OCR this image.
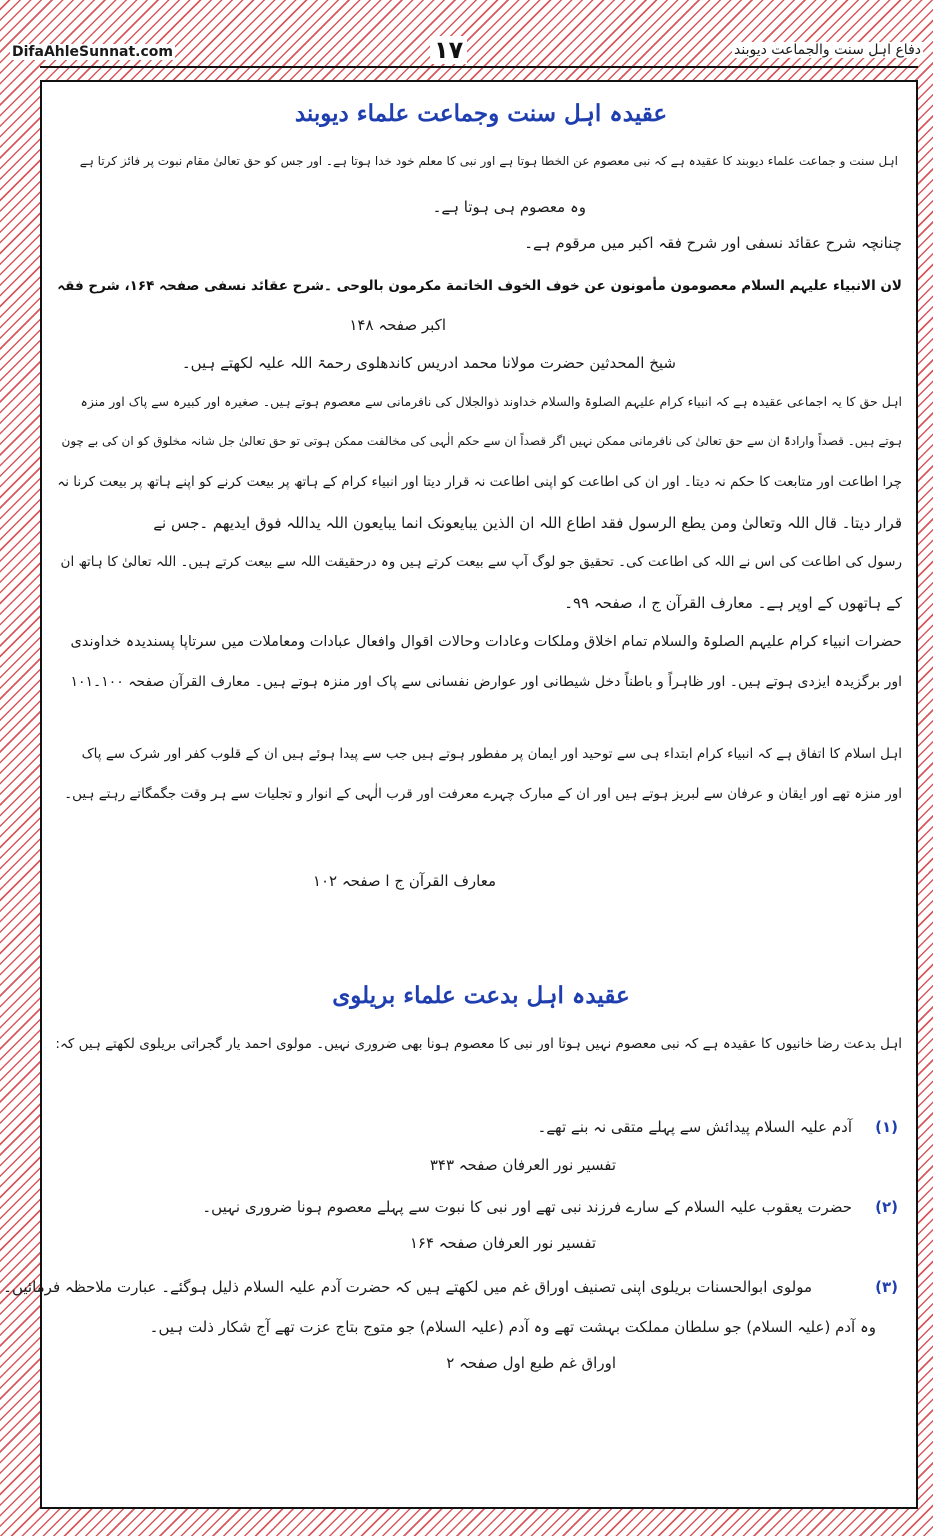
DifaAhleSunnat.com	۱۷	دفاع اہل سنت والجماعت دیوبند
عقیدہ اہل سنت وجماعت علماء دیوبند
اہل سنت و جماعت علماء دیوبند کا عقیدہ ہے کہ نبی معصوم عن الخطا ہوتا ہے اور نبی کا معلم خود خدا ہوتا ہے۔ اور جس کو حق تعالیٰ مقام نبوت پر فائز کرتا ہے
وہ معصوم ہی ہوتا ہے۔
چنانچہ شرح عقائد نسفی اور شرح فقہ اکبر میں مرقوم ہے۔
لان الانبیاء علیہم السلام معصومون مأمونون عن خوف الخوف الخاتمة مکرمون بالوحی ۔شرح عقائد نسفی صفحہ ۱۶۴، شرح فقہ
اکبر صفحہ ۱۴۸
شیخ المحدثین حضرت مولانا محمد ادریس کاندھلوی رحمۃ اللہ علیہ لکھتے ہیں۔
اہل حق کا یہ اجماعی عقیدہ ہے کہ انبیاء کرام علیہم الصلوۃ والسلام خداوند ذوالجلال کی نافرمانی سے معصوم ہوتے ہیں۔ صغیرہ اور کبیرہ سے پاک اور منزہ
ہوتے ہیں۔ قصداً وارادۃً ان سے حق تعالیٰ کی نافرمانی ممکن نہیں اگر قصداً ان سے حکم الٰہی کی مخالفت ممکن ہوتی تو حق تعالیٰ جل شانہ مخلوق کو ان کی بے چون
چرا اطاعت اور متابعت کا حکم نہ دیتا۔ اور ان کی اطاعت کو اپنی اطاعت نہ قرار دیتا اور انبیاء کرام کے ہاتھ پر بیعت کرنے کو اپنے ہاتھ پر بیعت کرنا نہ
قرار دیتا۔ قال اللہ وتعالیٰ ومن یطع الرسول فقد اطاع اللہ ان الذین یبایعونک انما یبایعون اللہ یداللہ فوق ایدیھم ۔جس نے
رسول کی اطاعت کی اس نے اللہ کی اطاعت کی۔ تحقیق جو لوگ آپ سے بیعت کرتے ہیں وہ درحقیقت اللہ سے بیعت کرتے ہیں۔ اللہ تعالیٰ کا ہاتھ ان
کے ہاتھوں کے اوپر ہے۔ معارف القرآن ج ا، صفحہ ۹۹۔
حضرات انبیاء کرام علیہم الصلوۃ والسلام تمام اخلاق وملکات وعادات وحالات اقوال وافعال عبادات ومعاملات میں سرتاپا پسندیدہ خداوندی
اور برگزیدہ ایزدی ہوتے ہیں۔ اور ظاہراً و باطناً دخل شیطانی اور عوارض نفسانی سے پاک اور منزہ ہوتے ہیں۔ معارف القرآن صفحہ ۱۰۰۔۱۰۱
اہل اسلام کا اتفاق ہے کہ انبیاء کرام ابتداء ہی سے توحید اور ایمان پر مفطور ہوتے ہیں جب سے پیدا ہوئے ہیں ان کے قلوب کفر اور شرک سے پاک
اور منزہ تھے اور ایقان و عرفان سے لبریز ہوتے ہیں اور ان کے مبارک چہرے معرفت اور قرب الٰہی کے انوار و تجلیات سے ہر وقت جگمگاتے رہتے ہیں۔
معارف القرآن ج ا صفحہ ۱۰۲
عقیدہ اہل بدعت علماء بریلوی
اہل بدعت رضا خانیوں کا عقیدہ ہے کہ نبی معصوم نہیں ہوتا اور نبی کا معصوم ہونا بھی ضروری نہیں۔ مولوی احمد یار گجراتی بریلوی لکھتے ہیں کہ:
(۱)
آدم علیہ السلام پیدائش سے پہلے متقی نہ بنے تھے۔
تفسیر نور العرفان صفحہ ۳۴۳
(۲)
حضرت یعقوب علیہ السلام کے سارے فرزند نبی تھے اور نبی کا نبوت سے پہلے معصوم ہونا ضروری نہیں۔
تفسیر نور العرفان صفحہ ۱۶۴
(۳)
مولوی ابوالحسنات بریلوی اپنی تصنیف اوراق غم میں لکھتے ہیں کہ حضرت آدم علیہ السلام ذلیل ہوگئے۔ عبارت ملاحظہ فرمائیں۔
وہ آدم (علیہ السلام) جو سلطان مملکت بہشت تھے وہ آدم (علیہ السلام) جو متوج بتاج عزت تھے آج شکار ذلت ہیں۔
اوراق غم طبع اول صفحہ ۲
